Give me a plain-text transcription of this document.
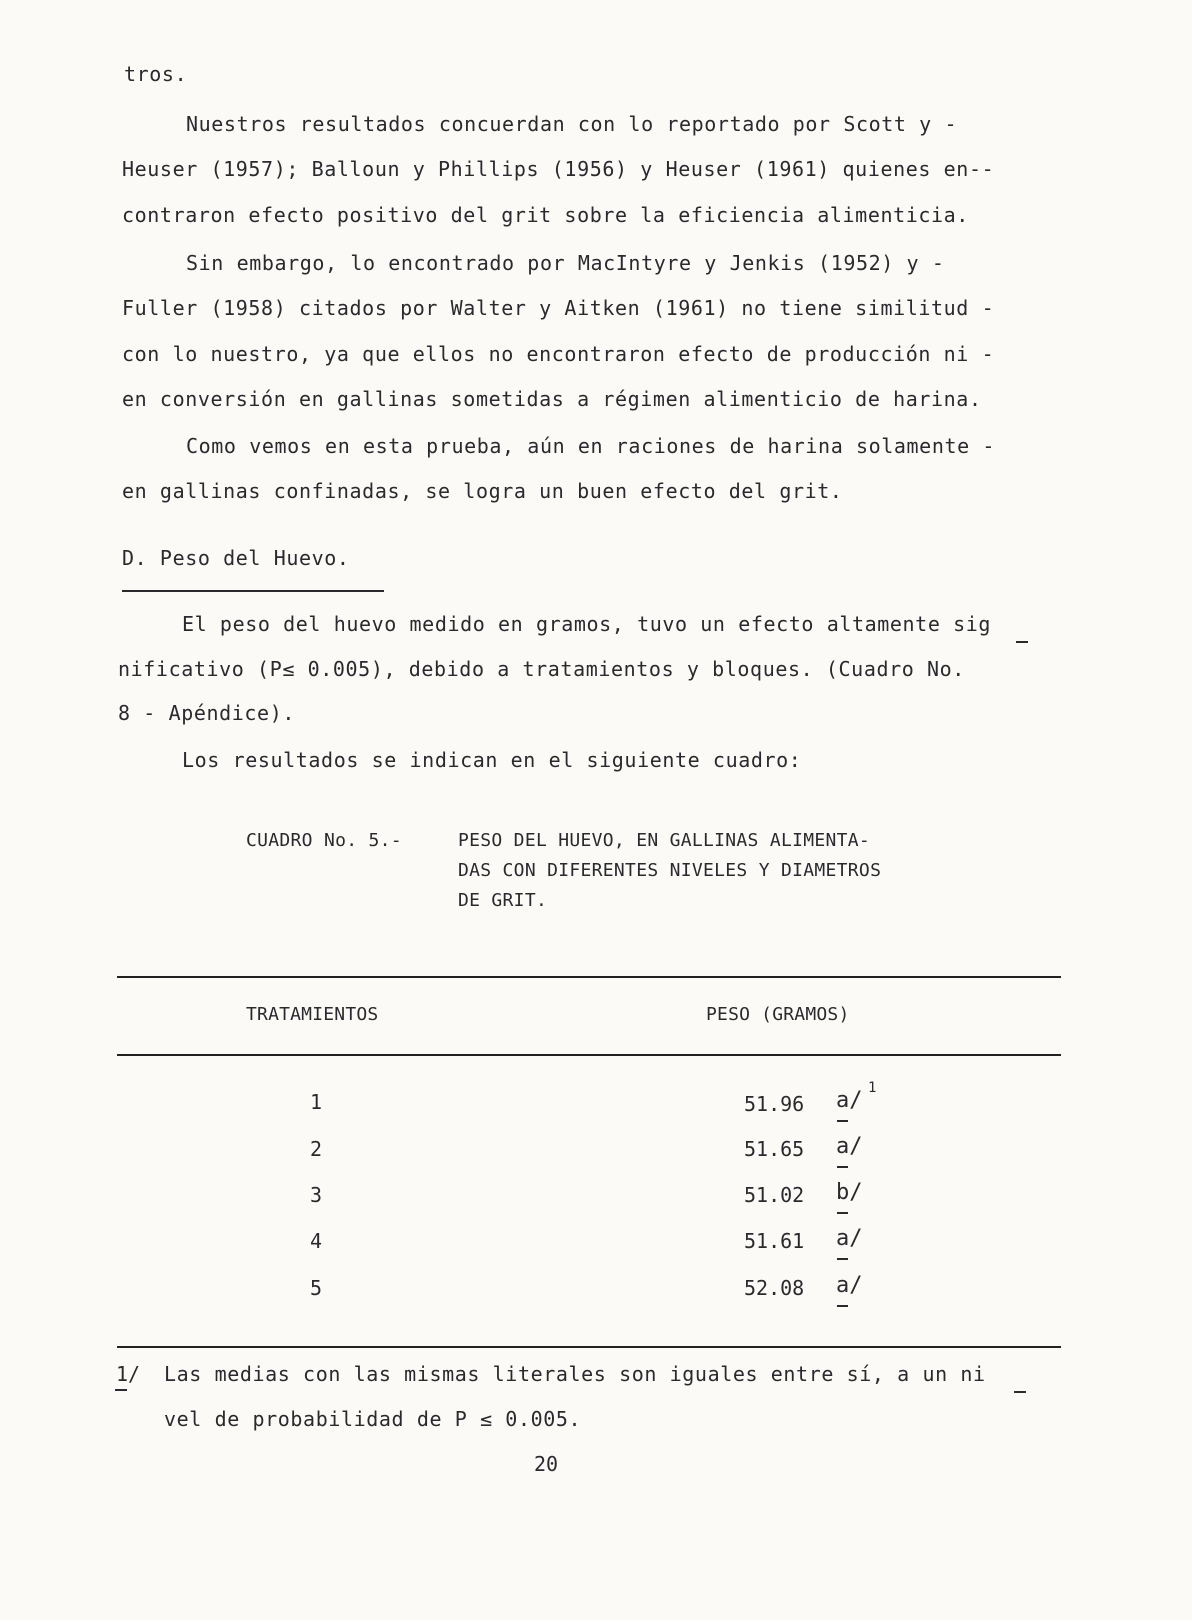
tros.
Nuestros resultados concuerdan con lo reportado por Scott y -
Heuser (1957); Balloun y Phillips (1956) y Heuser (1961) quienes en--
contraron efecto positivo del grit sobre la eficiencia alimenticia.
Sin embargo, lo encontrado por MacIntyre y Jenkis (1952) y -
Fuller (1958) citados por Walter y Aitken (1961) no tiene similitud -
con lo nuestro, ya que ellos no encontraron efecto de producción ni -
en conversión en gallinas sometidas a régimen alimenticio de harina.
Como vemos en esta prueba, aún en raciones de harina solamente -
en gallinas confinadas, se logra un buen efecto del grit.
D. Peso del Huevo.
El peso del huevo medido en gramos, tuvo un efecto altamente sig
nificativo (P≤ 0.005), debido a tratamientos y bloques. (Cuadro No.
8 - Apéndice).
Los resultados se indican en el siguiente cuadro:
CUADRO No. 5.-	PESO DEL HUEVO, EN GALLINAS ALIMENTA-
DAS CON DIFERENTES NIVELES Y DIAMETROS
DE GRIT.
TRATAMIENTOS	PESO (GRAMOS)
1	51.96 a/ 1
2	51.65 a/
3	51.02 b/
4	51.61 a/
5	52.08 a/
1/ Las medias con las mismas literales son iguales entre sí, a un ni
vel de probabilidad de P ≤ 0.005.
20
